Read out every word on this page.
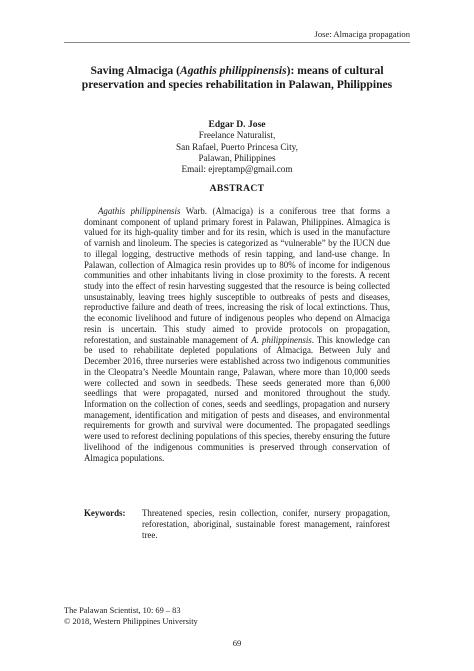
Jose: Almaciga propagation
Saving Almaciga (Agathis philippinensis): means of cultural preservation and species rehabilitation in Palawan, Philippines
Edgar D. Jose
Freelance Naturalist,
San Rafael, Puerto Princesa City,
Palawan, Philippines
Email: ejreptamp@gmail.com
ABSTRACT
Agathis philippinensis Warb. (Almaciga) is a coniferous tree that forms a dominant component of upland primary forest in Palawan, Philippines. Almagica is valued for its high-quality timber and for its resin, which is used in the manufacture of varnish and linoleum. The species is categorized as “vulnerable” by the IUCN due to illegal logging, destructive methods of resin tapping, and land-use change. In Palawan, collection of Almagica resin provides up to 80% of income for indigenous communities and other inhabitants living in close proximity to the forests. A recent study into the effect of resin harvesting suggested that the resource is being collected unsustainably, leaving trees highly susceptible to outbreaks of pests and diseases, reproductive failure and death of trees, increasing the risk of local extinctions. Thus, the economic livelihood and future of indigenous peoples who depend on Almaciga resin is uncertain. This study aimed to provide protocols on propagation, reforestation, and sustainable management of A. philippinensis. This knowledge can be used to rehabilitate depleted populations of Almaciga. Between July and December 2016, three nurseries were established across two indigenous communities in the Cleopatra’s Needle Mountain range, Palawan, where more than 10,000 seeds were collected and sown in seedbeds. These seeds generated more than 6,000 seedlings that were propagated, nursed and monitored throughout the study. Information on the collection of cones, seeds and seedlings, propagation and nursery management, identification and mitigation of pests and diseases, and environmental requirements for growth and survival were documented. The propagated seedlings were used to reforest declining populations of this species, thereby ensuring the future livelihood of the indigenous communities is preserved through conservation of Almagica populations.
Keywords:	Threatened species, resin collection, conifer, nursery propagation, reforestation, aboriginal, sustainable forest management, rainforest tree.
The Palawan Scientist, 10: 69 – 83
© 2018, Western Philippines University
69
